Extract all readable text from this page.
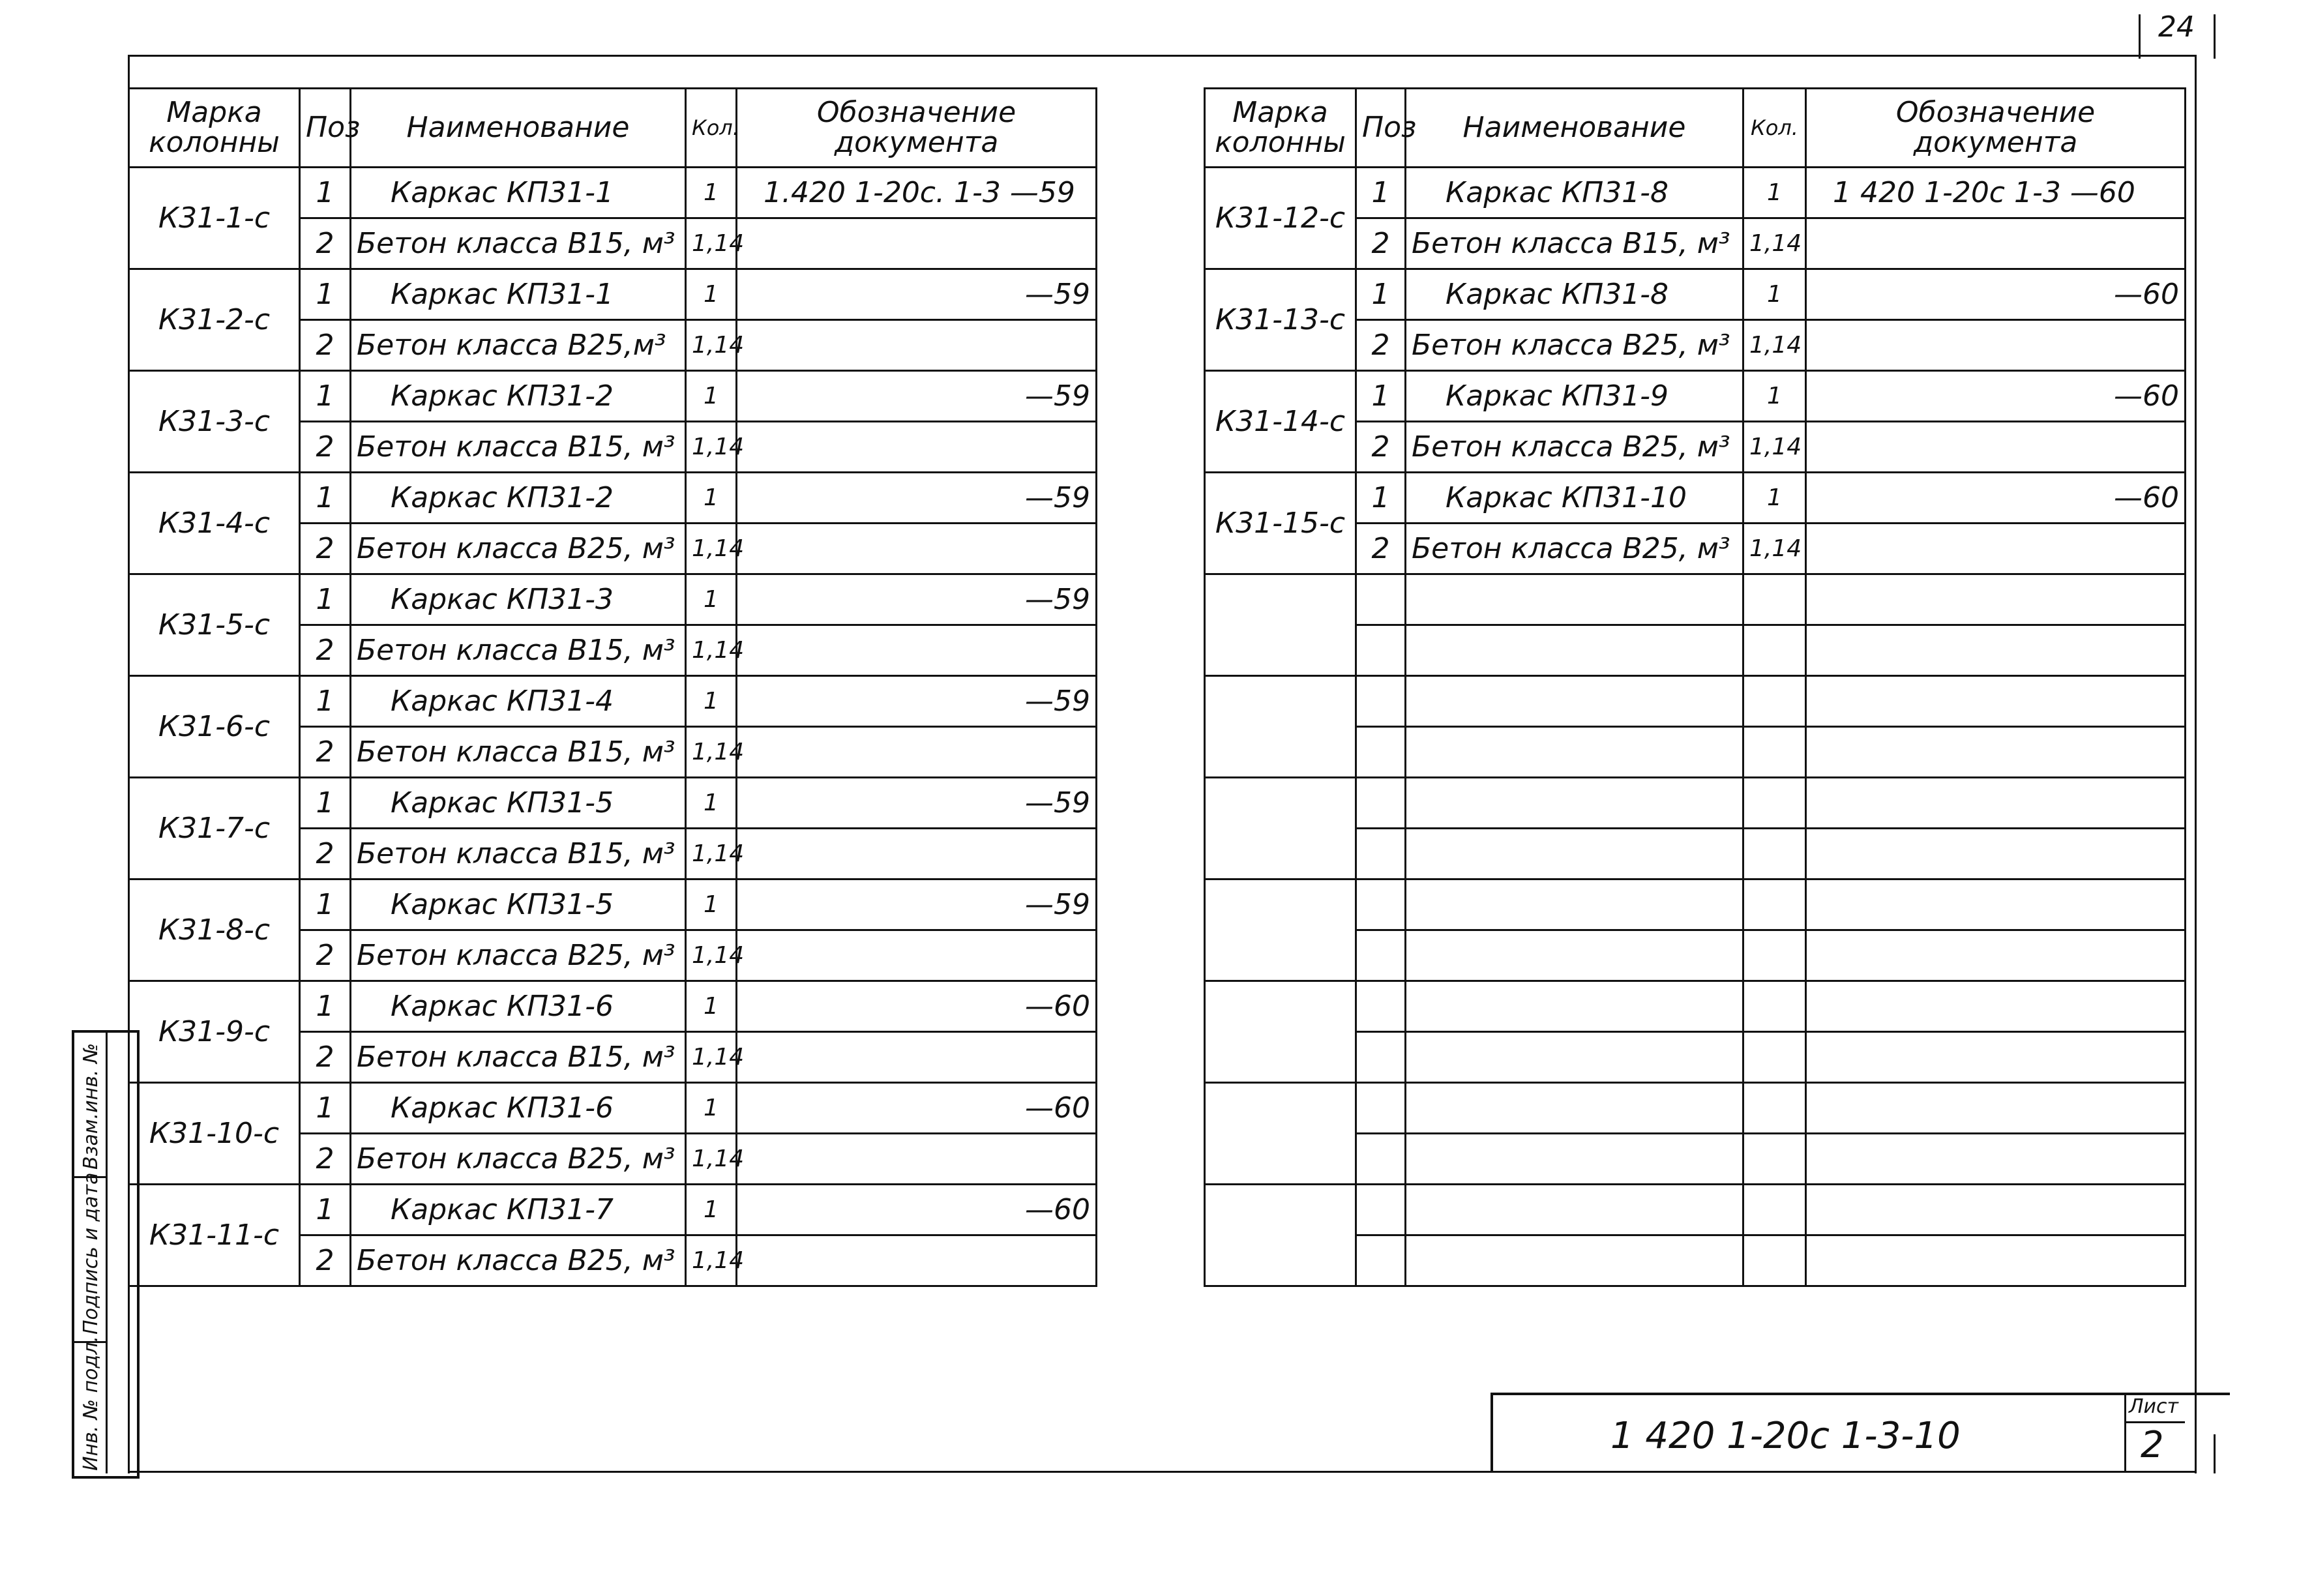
24
Марка колонны	Поз	Наименование	Кол.	Обозначение документа
К31-1-с	1	Каркас КП31-1	1	1.420 1-20с. 1-3 —59
	2	Бетон класса В15, м³	1,14	
К31-2-с	1	Каркас КП31-1	1	—59
	2	Бетон класса В25,м³	1,14	
К31-3-с	1	Каркас КП31-2	1	—59
	2	Бетон класса В15, м³	1,14	
К31-4-с	1	Каркас КП31-2	1	—59
	2	Бетон класса В25, м³	1,14	
К31-5-с	1	Каркас КП31-3	1	—59
	2	Бетон класса В15, м³	1,14	
К31-6-с	1	Каркас КП31-4	1	—59
	2	Бетон класса В15, м³	1,14	
К31-7-с	1	Каркас КП31-5	1	—59
	2	Бетон класса В15, м³	1,14	
К31-8-с	1	Каркас КП31-5	1	—59
	2	Бетон класса В25, м³	1,14	
К31-9-с	1	Каркас КП31-6	1	—60
	2	Бетон класса В15, м³	1,14	
К31-10-с	1	Каркас КП31-6	1	—60
	2	Бетон класса В25, м³	1,14	
К31-11-с	1	Каркас КП31-7	1	—60
	2	Бетон класса В25, м³	1,14	
Марка колонны	Поз	Наименование	Кол.	Обозначение документа
К31-12-с	1	Каркас КП31-8	1	1 420 1-20с 1-3 —60
	2	Бетон класса В15, м³	1,14	
К31-13-с	1	Каркас КП31-8	1	—60
	2	Бетон класса В25, м³	1,14	
К31-14-с	1	Каркас КП31-9	1	—60
	2	Бетон класса В25, м³	1,14	
К31-15-с	1	Каркас КП31-10	1	—60
	2	Бетон класса В25, м³	1,14	

Взам.инв. №
Подпись и дата
Инв. № подл.	1 420 1-20с 1-3-10
Лист
2
